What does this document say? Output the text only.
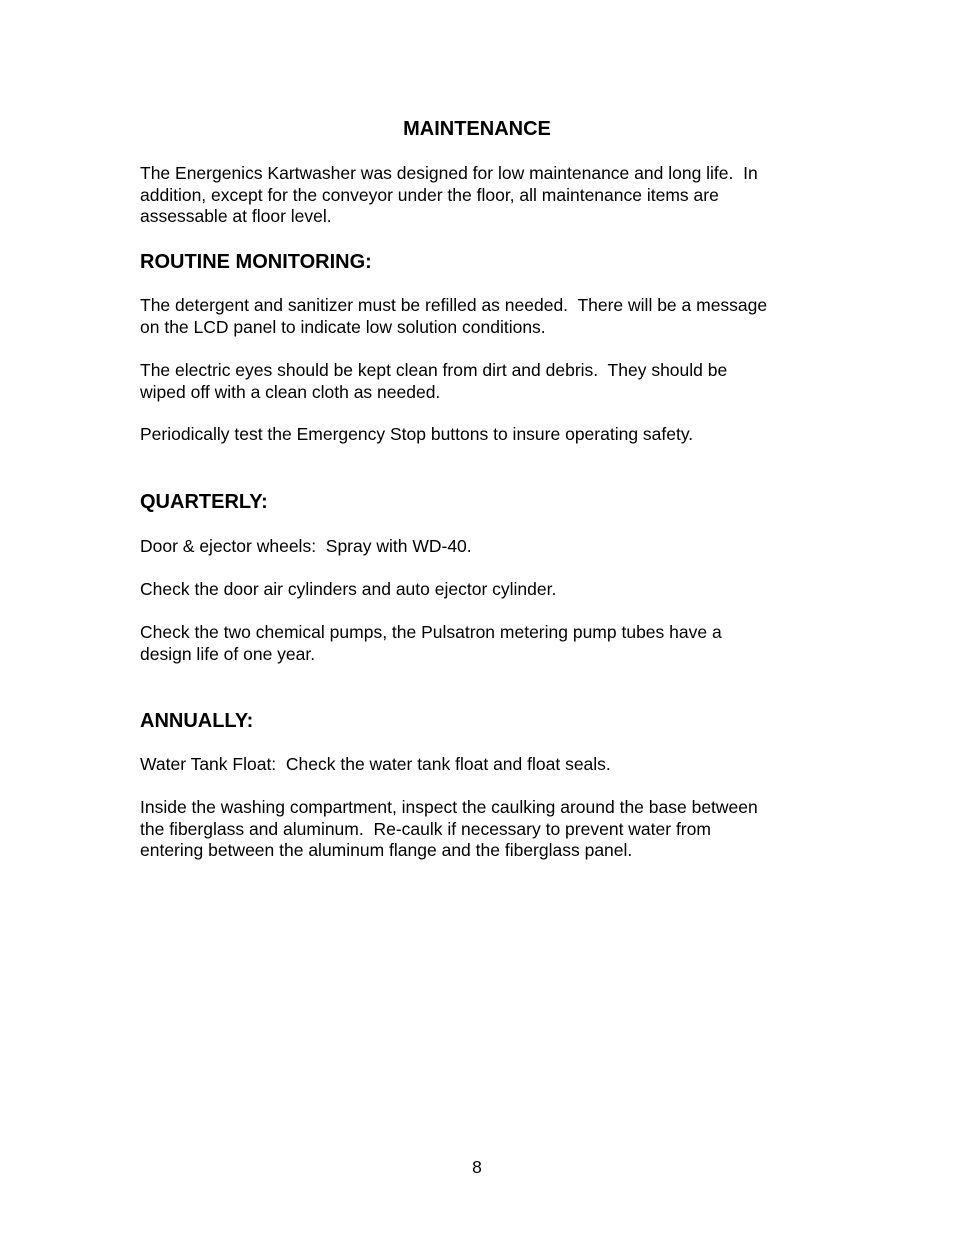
MAINTENANCE

The Energenics Kartwasher was designed for low maintenance and long life.  In
addition, except for the conveyor under the floor, all maintenance items are
assessable at floor level.

ROUTINE MONITORING:

The detergent and sanitizer must be refilled as needed.  There will be a message
on the LCD panel to indicate low solution conditions.

The electric eyes should be kept clean from dirt and debris.  They should be
wiped off with a clean cloth as needed.

Periodically test the Emergency Stop buttons to insure operating safety.

QUARTERLY:

Door & ejector wheels:  Spray with WD-40.

Check the door air cylinders and auto ejector cylinder.

Check the two chemical pumps, the Pulsatron metering pump tubes have a
design life of one year.

ANNUALLY:

Water Tank Float:  Check the water tank float and float seals.

Inside the washing compartment, inspect the caulking around the base between
the fiberglass and aluminum.  Re-caulk if necessary to prevent water from
entering between the aluminum flange and the fiberglass panel.

8
